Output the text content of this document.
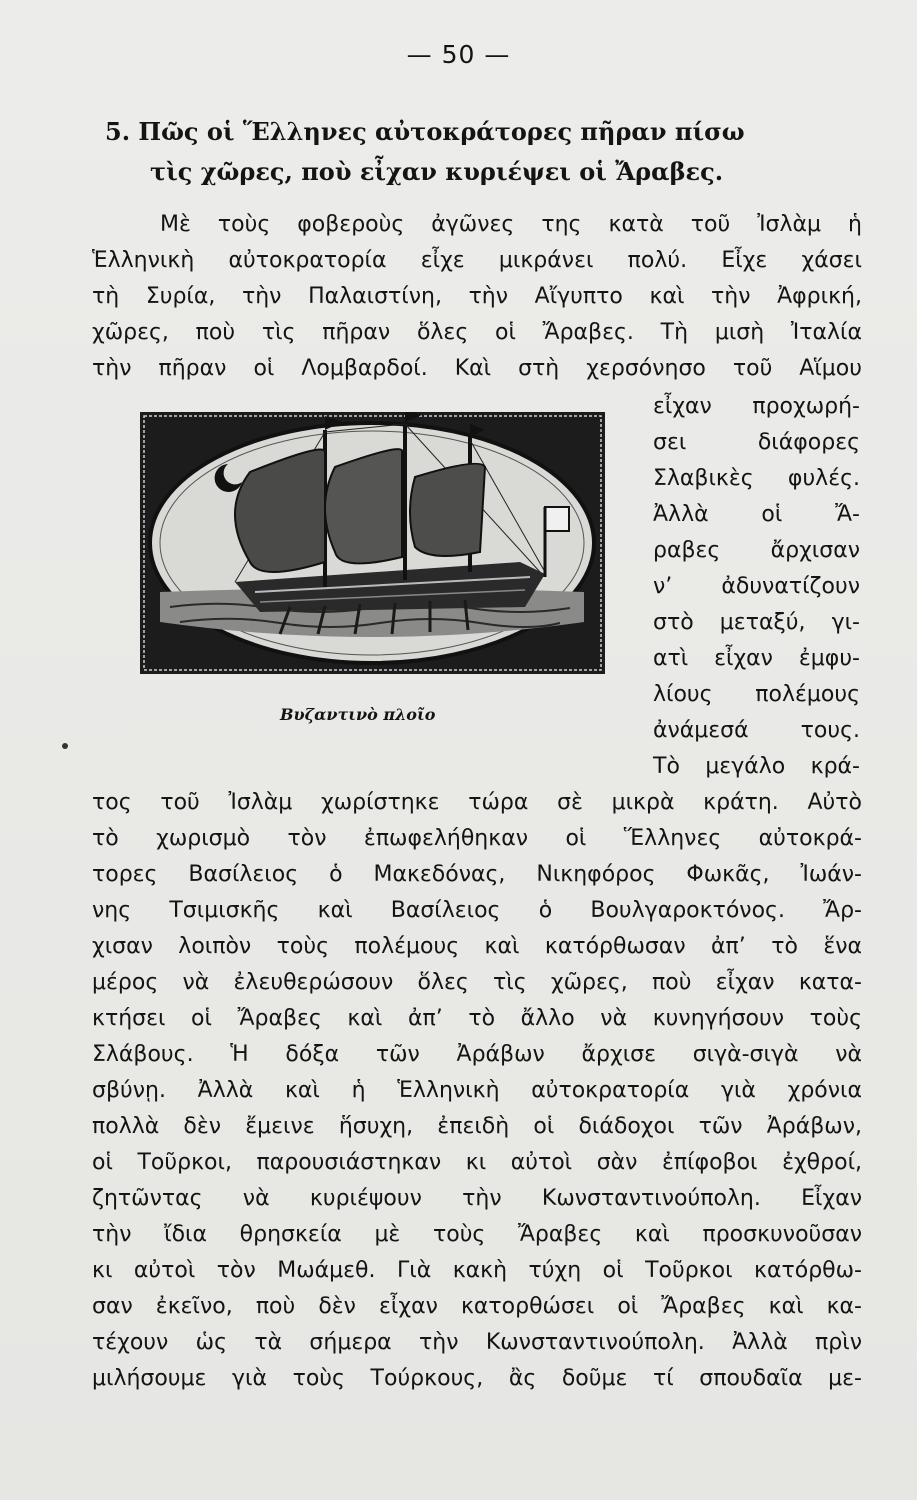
— 50 —
5. Πῶς οἱ Ἕλληνες αὐτοκράτορες πῆραν πίσω
τὶς χῶρες, ποὺ εἶχαν κυριέψει οἱ Ἄραβες.
Μὲ τοὺς φοβεροὺς ἀγῶνες της κατὰ τοῦ Ἰσλὰμ ἡ
Ἑλληνικὴ αὐτοκρατορία εἶχε μικράνει πολύ. Εἶχε χάσει
τὴ Συρία, τὴν Παλαιστίνη, τὴν Αἴγυπτο καὶ τὴν Ἀφρική,
χῶρες, ποὺ τὶς πῆραν ὅλες οἱ Ἄραβες. Τὴ μισὴ Ἰταλία
τὴν πῆραν οἱ Λομβαρδοί. Καὶ στὴ χερσόνησο τοῦ Αἵμου
Βυζαντινὸ πλοῖο
εἶχαν προχωρή-
σει διάφορες
Σλαβικὲς φυλές.
Ἀλλὰ οἱ Ἄ-
ραβες ἄρχισαν
ν’ ἀδυνατίζουν
στὸ μεταξύ, γι-
ατὶ εἶχαν ἐμφυ-
λίους πολέμους
ἀνάμεσά τους.
Τὸ μεγάλο κρά-
τος τοῦ Ἰσλὰμ χωρίστηκε τώρα σὲ μικρὰ κράτη. Αὐτὸ
τὸ χωρισμὸ τὸν ἐπωφελήθηκαν οἱ Ἕλληνες αὐτοκρά-
τορες Βασίλειος ὁ Μακεδόνας, Νικηφόρος Φωκᾶς, Ἰωάν-
νης Τσιμισκῆς καὶ Βασίλειος ὁ Βουλγαροκτόνος. Ἄρ-
χισαν λοιπὸν τοὺς πολέμους καὶ κατόρθωσαν ἀπ’ τὸ ἕνα
μέρος νὰ ἐλευθερώσουν ὅλες τὶς χῶρες, ποὺ εἶχαν κατα-
κτήσει οἱ Ἄραβες καὶ ἀπ’ τὸ ἄλλο νὰ κυνηγήσουν τοὺς
Σλάβους. Ἡ δόξα τῶν Ἀράβων ἄρχισε σιγὰ-σιγὰ νὰ
σβύνῃ. Ἀλλὰ καὶ ἡ Ἑλληνικὴ αὐτοκρατορία γιὰ χρόνια
πολλὰ δὲν ἔμεινε ἥσυχη, ἐπειδὴ οἱ διάδοχοι τῶν Ἀράβων,
οἱ Τοῦρκοι, παρουσιάστηκαν κι αὐτοὶ σὰν ἐπίφοβοι ἐχθροί,
ζητῶντας νὰ κυριέψουν τὴν Κωνσταντινούπολη. Εἶχαν
τὴν ἴδια θρησκεία μὲ τοὺς Ἄραβες καὶ προσκυνοῦσαν
κι αὐτοὶ τὸν Μωάμεθ. Γιὰ κακὴ τύχη οἱ Τοῦρκοι κατόρθω-
σαν ἐκεῖνο, ποὺ δὲν εἶχαν κατορθώσει οἱ Ἄραβες καὶ κα-
τέχουν ὡς τὰ σήμερα τὴν Κωνσταντινούπολη. Ἀλλὰ πρὶν
μιλήσουμε γιὰ τοὺς Τούρκους, ἂς δοῦμε τί σπουδαῖα με-
